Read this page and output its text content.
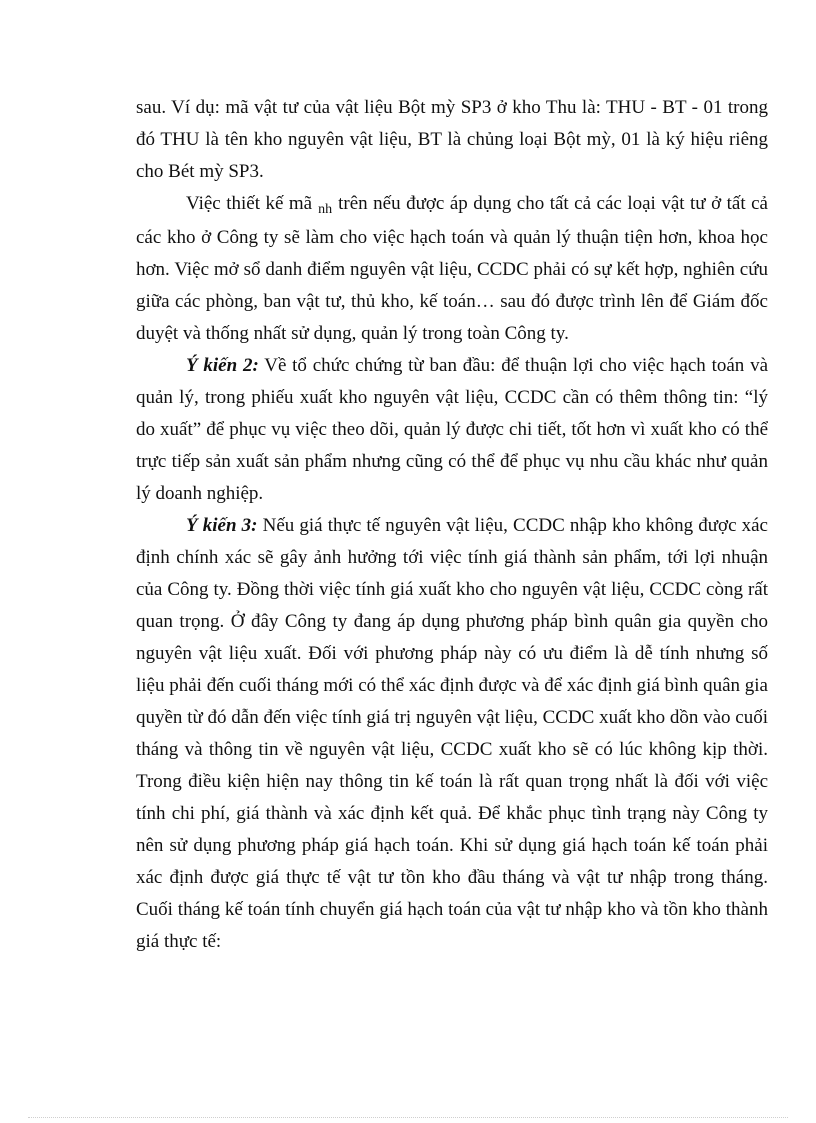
sau. Ví dụ: mã vật tư của vật liệu Bột mỳ SP3 ở kho Thu là: THU - BT - 01 trong đó THU là tên kho nguyên vật liệu, BT là chủng loại Bột mỳ, 01 là ký hiệu riêng cho Bét mỳ SP3.

Việc thiết kế mã $_{nh}$ trên nếu được áp dụng cho tất cả các loại vật tư ở tất cả các kho ở Công ty sẽ làm cho việc hạch toán và quản lý thuận tiện hơn, khoa học hơn. Việc mở sổ danh điểm nguyên vật liệu, CCDC phải có sự kết hợp, nghiên cứu giữa các phòng, ban vật tư, thủ kho, kế toán… sau đó được trình lên để Giám đốc duyệt và thống nhất sử dụng, quản lý trong toàn Công ty.

Ý kiến 2: Về tổ chức chứng từ ban đầu: để thuận lợi cho việc hạch toán và quản lý, trong phiếu xuất kho nguyên vật liệu, CCDC cần có thêm thông tin: “lý do xuất” để phục vụ việc theo dõi, quản lý được chi tiết, tốt hơn vì xuất kho có thể trực tiếp sản xuất sản phẩm nhưng cũng có thể để phục vụ nhu cầu khác như quản lý doanh nghiệp.

Ý kiến 3: Nếu giá thực tế nguyên vật liệu, CCDC nhập kho không được xác định chính xác sẽ gây ảnh hưởng tới việc tính giá thành sản phẩm, tới lợi nhuận của Công ty. Đồng thời việc tính giá xuất kho cho nguyên vật liệu, CCDC còng rất quan trọng. Ở đây Công ty đang áp dụng phương pháp bình quân gia quyền cho nguyên vật liệu xuất. Đối với phương pháp này có ưu điểm là dễ tính nhưng số liệu phải đến cuối tháng mới có thể xác định được và để xác định giá bình quân gia quyền từ đó dẫn đến việc tính giá trị nguyên vật liệu, CCDC xuất kho dồn vào cuối tháng và thông tin về nguyên vật liệu, CCDC xuất kho sẽ có lúc không kịp thời. Trong điều kiện hiện nay thông tin kế toán là rất quan trọng nhất là đối với việc tính chi phí, giá thành và xác định kết quả. Để khắc phục tình trạng này Công ty nên sử dụng phương pháp giá hạch toán. Khi sử dụng giá hạch toán kế toán phải xác định được giá thực tế vật tư tồn kho đầu tháng và vật tư nhập trong tháng. Cuối tháng kế toán tính chuyển giá hạch toán của vật tư nhập kho và tồn kho thành giá thực tế:
